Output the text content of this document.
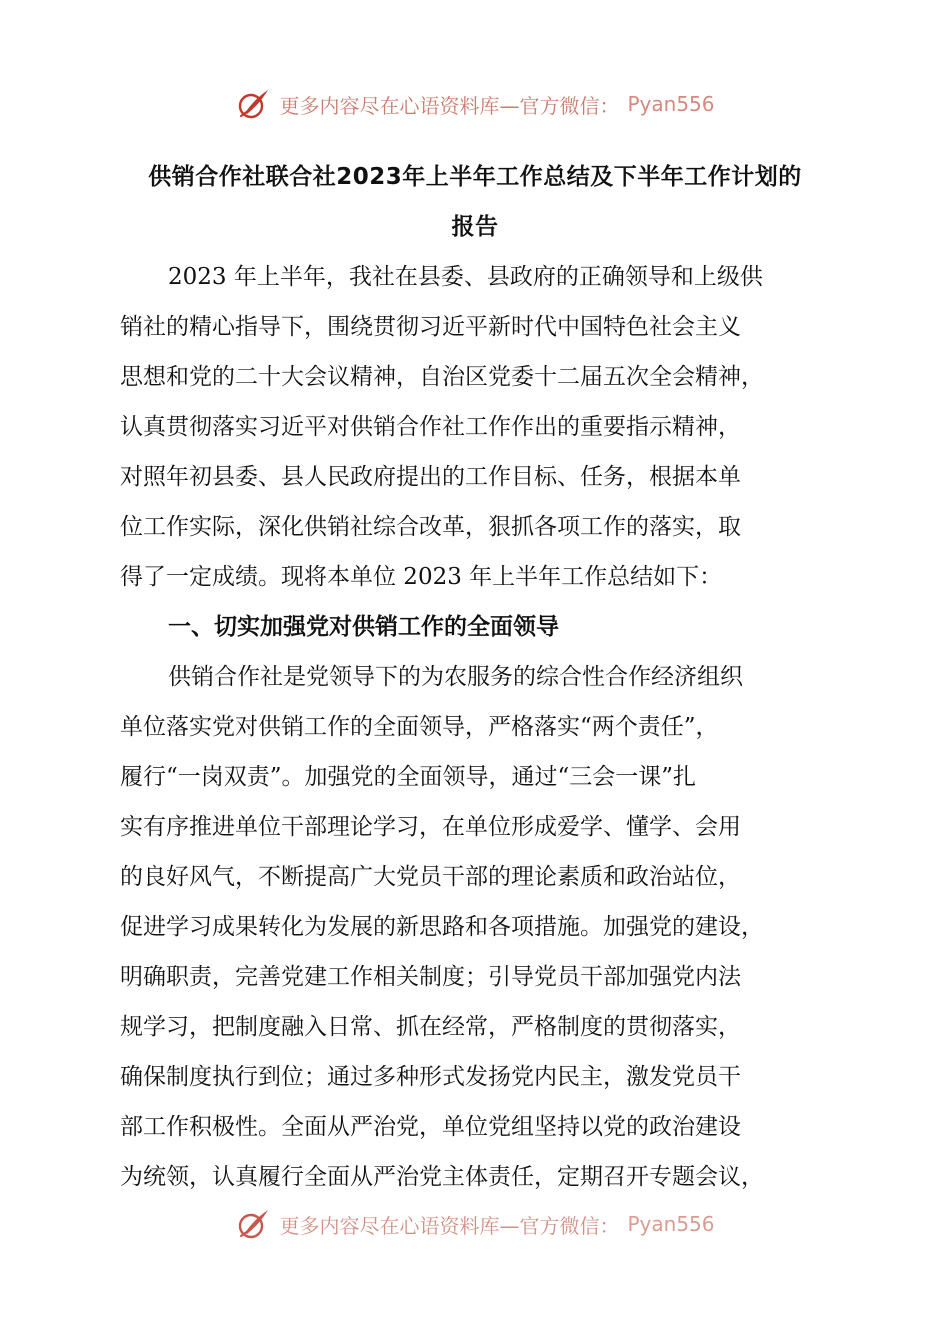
更多内容尽在心语资料库—官方微信： Pyan556
供销合作社联合社2023年上半年工作总结及下半年工作计划的
报告
2023 年上半年，我社在县委、县政府的正确领导和上级供
销社的精心指导下，围绕贯彻习近平新时代中国特色社会主义
思想和党的二十大会议精神，自治区党委十二届五次全会精神，
认真贯彻落实习近平对供销合作社工作作出的重要指示精神，
对照年初县委、县人民政府提出的工作目标、任务，根据本单
位工作实际，深化供销社综合改革，狠抓各项工作的落实，取
得了一定成绩。现将本单位 2023 年上半年工作总结如下：
一、切实加强党对供销工作的全面领导
供销合作社是党领导下的为农服务的综合性合作经济组织
单位落实党对供销工作的全面领导，严格落实“两个责任”，
履行“一岗双责”。加强党的全面领导，通过“三会一课”扎
实有序推进单位干部理论学习，在单位形成爱学、懂学、会用
的良好风气，不断提高广大党员干部的理论素质和政治站位，
促进学习成果转化为发展的新思路和各项措施。加强党的建设，
明确职责，完善党建工作相关制度；引导党员干部加强党内法
规学习，把制度融入日常、抓在经常，严格制度的贯彻落实，
确保制度执行到位；通过多种形式发扬党内民主，激发党员干
部工作积极性。全面从严治党，单位党组坚持以党的政治建设
为统领，认真履行全面从严治党主体责任，定期召开专题会议，
更多内容尽在心语资料库—官方微信： Pyan556
